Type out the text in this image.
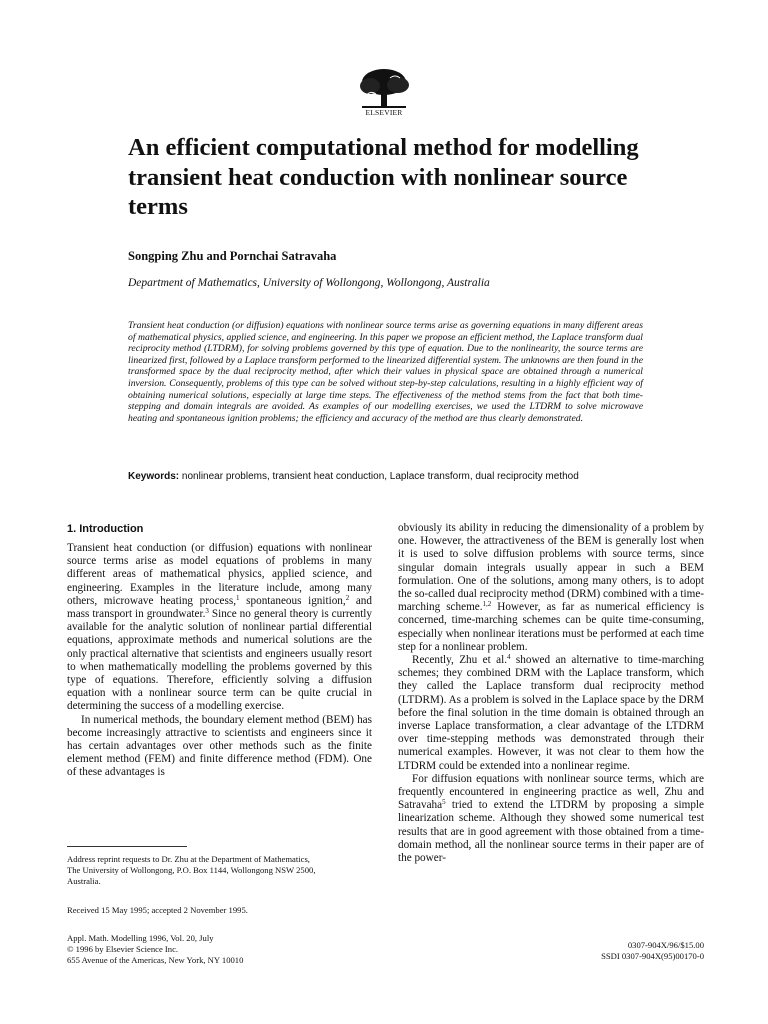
ELSEVIER
An efficient computational method for modelling transient heat conduction with nonlinear source terms
Songping Zhu and Pornchai Satravaha
Department of Mathematics, University of Wollongong, Wollongong, Australia
Transient heat conduction (or diffusion) equations with nonlinear source terms arise as governing equations in many different areas of mathematical physics, applied science, and engineering. In this paper we propose an efficient method, the Laplace transform dual reciprocity method (LTDRM), for solving problems governed by this type of equation. Due to the nonlinearity, the source terms are linearized first, followed by a Laplace transform performed to the linearized differential system. The unknowns are then found in the transformed space by the dual reciprocity method, after which their values in physical space are obtained through a numerical inversion. Consequently, problems of this type can be solved without step-by-step calculations, resulting in a highly efficient way of obtaining numerical solutions, especially at large time steps. The effectiveness of the method stems from the fact that both time-stepping and domain integrals are avoided. As examples of our modelling exercises, we used the LTDRM to solve microwave heating and spontaneous ignition problems; the efficiency and accuracy of the method are thus clearly demonstrated.
Keywords: nonlinear problems, transient heat conduction, Laplace transform, dual reciprocity method
1. Introduction

Transient heat conduction (or diffusion) equations with nonlinear source terms arise as model equations of problems in many different areas of mathematical physics, applied science, and engineering. Examples in the literature include, among many others, microwave heating process,$^1$ spontaneous ignition,$^2$ and mass transport in groundwater.$^3$ Since no general theory is currently available for the analytic solution of nonlinear partial differential equations, approximate methods and numerical solutions are the only practical alternative that scientists and engineers usually resort to when mathematically modelling the problems governed by this type of equations. Therefore, efficiently solving a diffusion equation with a nonlinear source term can be quite crucial in determining the success of a modelling exercise.

In numerical methods, the boundary element method (BEM) has become increasingly attractive to scientists and engineers since it has certain advantages over other methods such as the finite element method (FEM) and finite difference method (FDM). One of these advantages is

obviously its ability in reducing the dimensionality of a problem by one. However, the attractiveness of the BEM is generally lost when it is used to solve diffusion problems with source terms, since singular domain integrals usually appear in such a BEM formulation. One of the solutions, among many others, is to adopt the so-called dual reciprocity method (DRM) combined with a time-marching scheme.$^{1,2}$ However, as far as numerical efficiency is concerned, time-marching schemes can be quite time-consuming, especially when nonlinear iterations must be performed at each time step for a nonlinear problem.

Recently, Zhu et al.$^4$ showed an alternative to time-marching schemes; they combined DRM with the Laplace transform, which they called the Laplace transform dual reciprocity method (LTDRM). As a problem is solved in the Laplace space by the DRM before the final solution in the time domain is obtained through an inverse Laplace transformation, a clear advantage of the LTDRM over time-stepping methods was demonstrated through their numerical examples. However, it was not clear to them how the LTDRM could be extended into a nonlinear regime.

For diffusion equations with nonlinear source terms, which are frequently encountered in engineering practice as well, Zhu and Satravaha$^5$ tried to extend the LTDRM by proposing a simple linearization scheme. Although they showed some numerical test results that are in good agreement with those obtained from a time-domain method, all the nonlinear source terms in their paper are of the power-

Address reprint requests to Dr. Zhu at the Department of Mathematics,
The University of Wollongong, P.O. Box 1144, Wollongong NSW 2500,
Australia.
Received 15 May 1995; accepted 2 November 1995.
Appl. Math. Modelling 1996, Vol. 20, July
© 1996 by Elsevier Science Inc.
655 Avenue of the Americas, New York, NY 10010
0307-904X/96/$15.00
SSDI 0307-904X(95)00170-0
